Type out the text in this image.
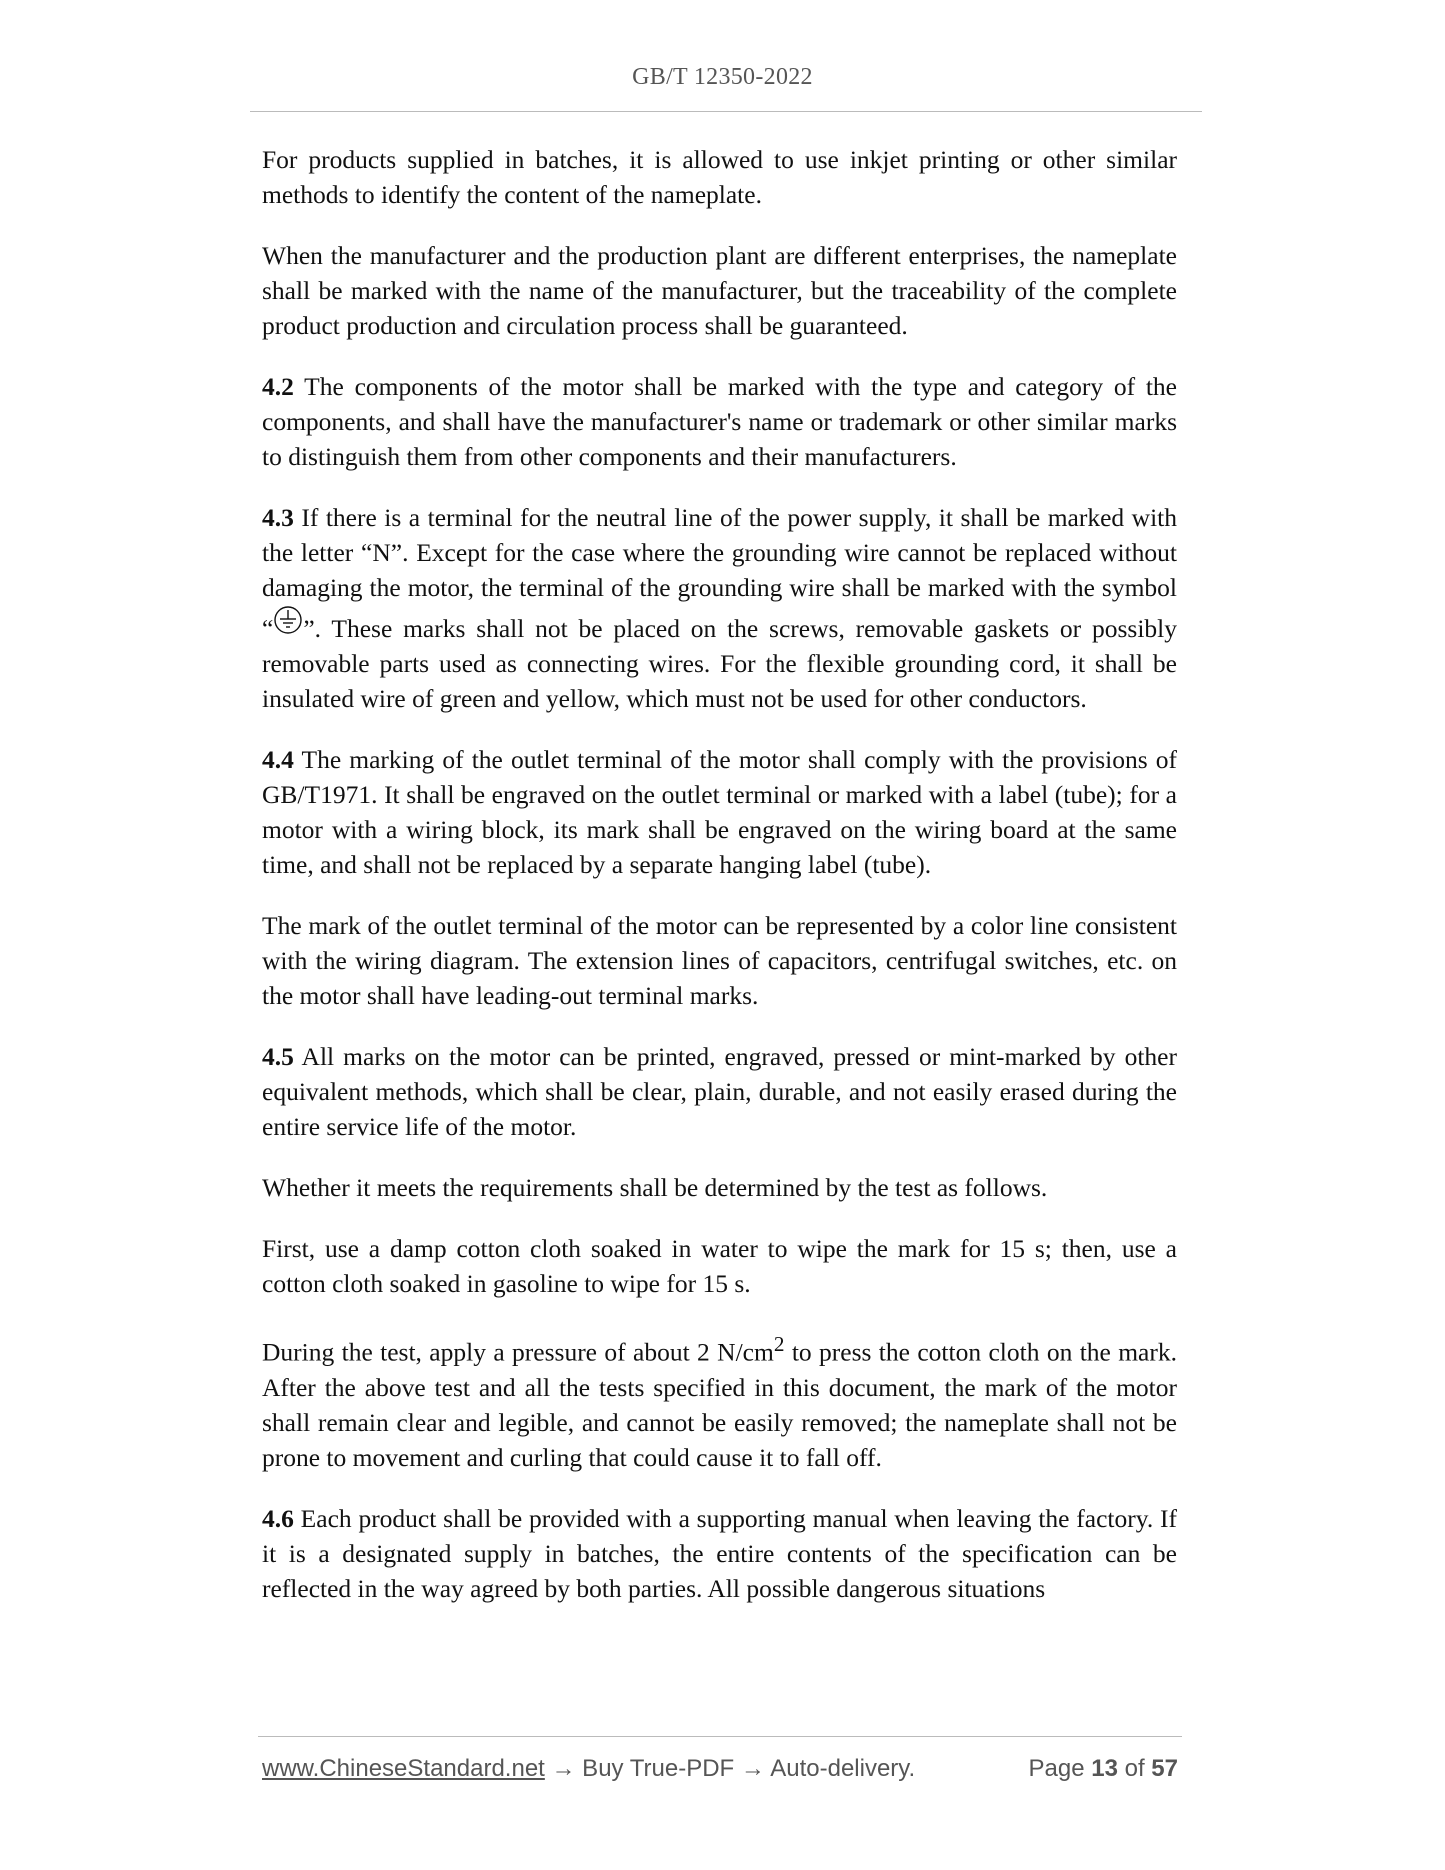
GB/T 12350-2022

For products supplied in batches, it is allowed to use inkjet printing or other similar methods to identify the content of the nameplate.

When the manufacturer and the production plant are different enterprises, the nameplate shall be marked with the name of the manufacturer, but the traceability of the complete product production and circulation process shall be guaranteed.

4.2 The components of the motor shall be marked with the type and category of the components, and shall have the manufacturer's name or trademark or other similar marks to distinguish them from other components and their manufacturers.

4.3 If there is a terminal for the neutral line of the power supply, it shall be marked with the letter “N”. Except for the case where the grounding wire cannot be replaced without damaging the motor, the terminal of the grounding wire shall be marked with the symbol “ ”. These marks shall not be placed on the screws, removable gaskets or possibly removable parts used as connecting wires. For the flexible grounding cord, it shall be insulated wire of green and yellow, which must not be used for other conductors.

4.4 The marking of the outlet terminal of the motor shall comply with the provisions of GB/T1971. It shall be engraved on the outlet terminal or marked with a label (tube); for a motor with a wiring block, its mark shall be engraved on the wiring board at the same time, and shall not be replaced by a separate hanging label (tube).

The mark of the outlet terminal of the motor can be represented by a color line consistent with the wiring diagram. The extension lines of capacitors, centrifugal switches, etc. on the motor shall have leading-out terminal marks.

4.5 All marks on the motor can be printed, engraved, pressed or mint-marked by other equivalent methods, which shall be clear, plain, durable, and not easily erased during the entire service life of the motor.

Whether it meets the requirements shall be determined by the test as follows.

First, use a damp cotton cloth soaked in water to wipe the mark for 15 s; then, use a cotton cloth soaked in gasoline to wipe for 15 s.

During the test, apply a pressure of about 2 $N/cm^2$ to press the cotton cloth on the mark. After the above test and all the tests specified in this document, the mark of the motor shall remain clear and legible, and cannot be easily removed; the nameplate shall not be prone to movement and curling that could cause it to fall off.

4.6 Each product shall be provided with a supporting manual when leaving the factory. If it is a designated supply in batches, the entire contents of the specification can be reflected in the way agreed by both parties. All possible dangerous situations

www.ChineseStandard.net → Buy True-PDF → Auto-delivery.	Page 13 of 57
